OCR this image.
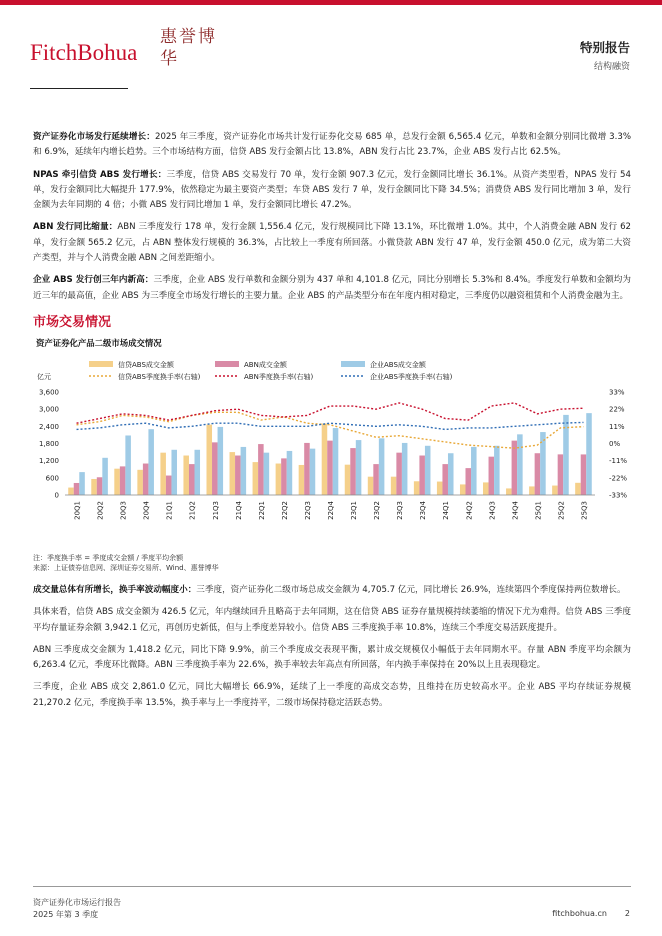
FitchBohua
惠誉博华
特别报告
结构融资

资产证券化市场发行延续增长：2025 年三季度，资产证券化市场共计发行证券化交易 685 单，总发行金额 6,565.4 亿元，单数和金额分别同比微增 3.3%和 6.9%，延续年内增长趋势。三个市场结构方面，信贷 ABS 发行金额占比 13.8%，ABN 发行占比 23.7%，企业 ABS 发行占比 62.5%。

NPAS 牵引信贷 ABS 发行增长：三季度，信贷 ABS 交易发行 70 单，发行金额 907.3 亿元，发行金额同比增长 36.1%。从资产类型看，NPAS 发行 54 单，发行金额同比大幅提升 177.9%，依然稳定为最主要资产类型；车贷 ABS 发行 7 单，发行金额同比下降 34.5%；消费贷 ABS 发行同比增加 3 单，发行金额为去年同期的 4 倍；小微 ABS 发行同比增加 1 单，发行金额同比增长 47.2%。

ABN 发行同比缩量：ABN 三季度发行 178 单，发行金额 1,556.4 亿元，发行规模同比下降 13.1%，环比微增 1.0%。其中，个人消费金融 ABN 发行 62 单，发行金额 565.2 亿元，占 ABN 整体发行规模的 36.3%，占比较上一季度有所回落。小微贷款 ABN 发行 47 单，发行金额 450.0 亿元，成为第二大资产类型，并与个人消费金融 ABN 之间差距缩小。

企业 ABS 发行创三年内新高：三季度，企业 ABS 发行单数和金额分别为 437 单和 4,101.8 亿元，同比分别增长 5.3%和 8.4%。季度发行单数和金额均为近三年的最高值，企业 ABS 为三季度全市场发行增长的主要力量。企业 ABS 的产品类型分布在年度内相对稳定，三季度仍以融资租赁和个人消费金融为主。

市场交易情况
资产证券化产品二级市场成交情况
信贷ABS成交金额	ABN成交金额	企业ABS成交金额
信贷ABS季度换手率(右轴)	ABN季度换手率(右轴)	企业ABS季度换手率(右轴)
亿元
3,600
3,000
2,400
1,800
1,200
600
0
33%
22%
11%
0%
-11%
-22%
-33%
20Q1 20Q2 20Q3 20Q4 21Q1 21Q2 21Q3 21Q4 22Q1 22Q2 22Q3 22Q4 23Q1 23Q2 23Q3 23Q4 24Q1 24Q2 24Q3 24Q4 25Q1 25Q2 25Q3
注：季度换手率 = 季度成交金额 / 季度平均余额
来源：上证债券信息网、深圳证券交易所、Wind、惠誉博华

成交量总体有所增长，换手率波动幅度小：三季度，资产证券化二级市场总成交金额为 4,705.7 亿元，同比增长 26.9%，连续第四个季度保持两位数增长。

具体来看，信贷 ABS 成交金额为 426.5 亿元，年内继续回升且略高于去年同期，这在信贷 ABS 证券存量规模持续萎缩的情况下尤为难得。信贷 ABS 三季度平均存量证券余额 3,942.1 亿元，再创历史新低，但与上季度差异较小。信贷 ABS 三季度换手率 10.8%，连续三个季度交易活跃度提升。

ABN 三季度成交金额为 1,418.2 亿元，同比下降 9.9%，前三个季度成交表现平衡，累计成交规模仅小幅低于去年同期水平。存量 ABN 季度平均余额为 6,263.4 亿元，季度环比微降。ABN 三季度换手率为 22.6%，换手率较去年高点有所回落，年内换手率保持在 20%以上且表现稳定。

三季度，企业 ABS 成交 2,861.0 亿元，同比大幅增长 66.9%，延续了上一季度的高成交态势，且维持在历史较高水平。企业 ABS 平均存续证券规模 21,270.2 亿元，季度换手率 13.5%，换手率与上一季度持平，二级市场保持稳定活跃态势。

资产证券化市场运行报告
2025 年第 3 季度	fitchbohua.cn 2
